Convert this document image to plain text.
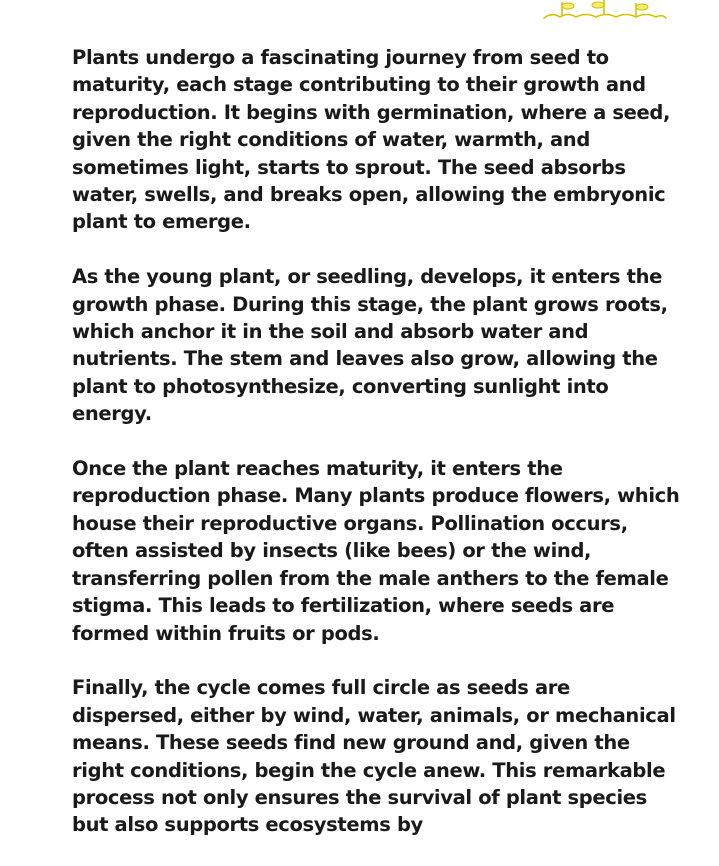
Plants undergo a fascinating journey from seed to maturity, each stage contributing to their growth and reproduction. It begins with germination, where a seed, given the right conditions of water, warmth, and sometimes light, starts to sprout. The seed absorbs water, swells, and breaks open, allowing the embryonic plant to emerge.

As the young plant, or seedling, develops, it enters the growth phase. During this stage, the plant grows roots, which anchor it in the soil and absorb water and nutrients. The stem and leaves also grow, allowing the plant to photosynthesize, converting sunlight into energy.

Once the plant reaches maturity, it enters the reproduction phase. Many plants produce flowers, which house their reproductive organs. Pollination occurs, often assisted by insects (like bees) or the wind, transferring pollen from the male anthers to the female stigma. This leads to fertilization, where seeds are formed within fruits or pods.

Finally, the cycle comes full circle as seeds are dispersed, either by wind, water, animals, or mechanical means. These seeds find new ground and, given the right conditions, begin the cycle anew. This remarkable process not only ensures the survival of plant species but also supports ecosystems by
